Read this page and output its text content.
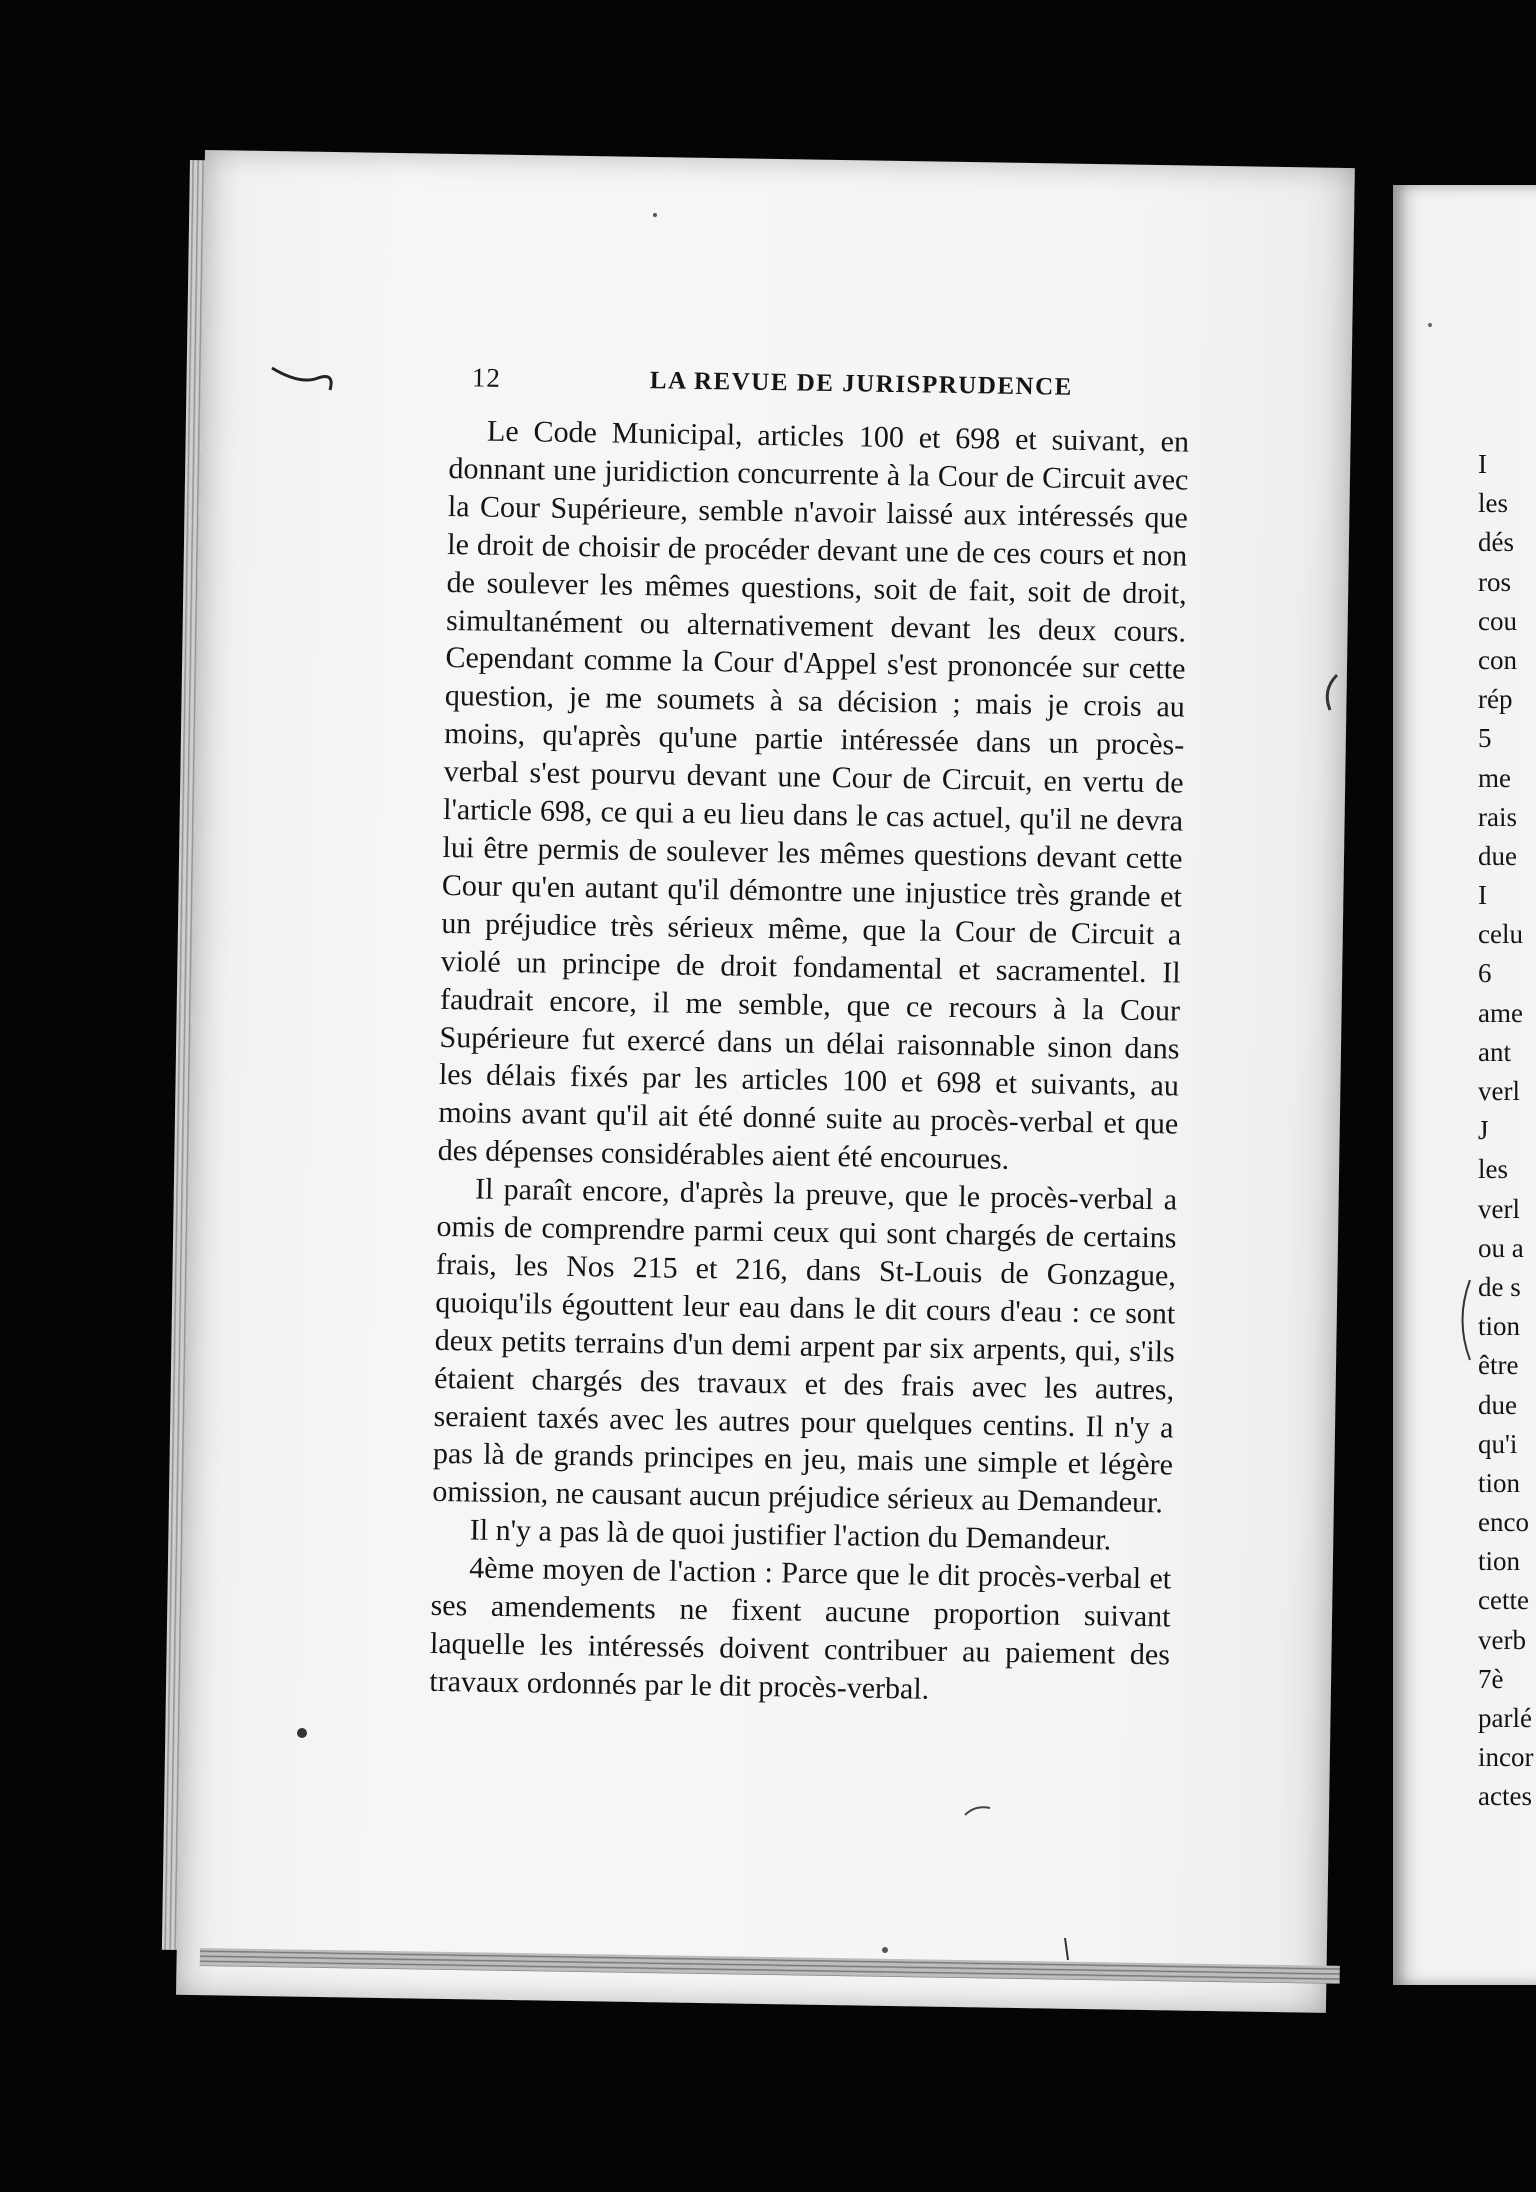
I
les
dés
ros
cou
con
rép
5
me
rais
due
I
celu
6
ame
ant
verl
J
les
verl
ou a
de s
tion
être
due
qu'i
tion
enco
tion
cette
verb
7è
parlé
incor
actes
12	LA REVUE DE JURISPRUDENCE

Le Code Municipal, articles 100 et 698 et suivant, en donnant une juridiction concurrente à la Cour de Circuit avec la Cour Supérieure, semble n'avoir laissé aux intéressés que le droit de choisir de procéder devant une de ces cours et non de soulever les mêmes questions, soit de fait, soit de droit, simultanément ou alternativement devant les deux cours. Cependant comme la Cour d'Appel s'est prononcée sur cette question, je me soumets à sa décision ; mais je crois au moins, qu'après qu'une partie intéressée dans un procès-verbal s'est pourvu devant une Cour de Circuit, en vertu de l'article 698, ce qui a eu lieu dans le cas actuel, qu'il ne devra lui être permis de soulever les mêmes questions devant cette Cour qu'en autant qu'il démontre une injustice très grande et un préjudice très sérieux même, que la Cour de Circuit a violé un principe de droit fondamental et sacramentel. Il faudrait encore, il me semble, que ce recours à la Cour Supérieure fut exercé dans un délai raisonnable sinon dans les délais fixés par les articles 100 et 698 et suivants, au moins avant qu'il ait été donné suite au procès-verbal et que des dépenses considérables aient été encourues.

Il paraît encore, d'après la preuve, que le procès-verbal a omis de comprendre parmi ceux qui sont chargés de certains frais, les Nos 215 et 216, dans St-Louis de Gonzague, quoiqu'ils égouttent leur eau dans le dit cours d'eau : ce sont deux petits terrains d'un demi arpent par six arpents, qui, s'ils étaient chargés des travaux et des frais avec les autres, seraient taxés avec les autres pour quelques centins. Il n'y a pas là de grands principes en jeu, mais une simple et légère omission, ne causant aucun préjudice sérieux au Demandeur.

Il n'y a pas là de quoi justifier l'action du Demandeur.

4ème moyen de l'action : Parce que le dit procès-verbal et ses amendements ne fixent aucune proportion suivant laquelle les intéressés doivent contribuer au paiement des travaux ordonnés par le dit procès-verbal.
